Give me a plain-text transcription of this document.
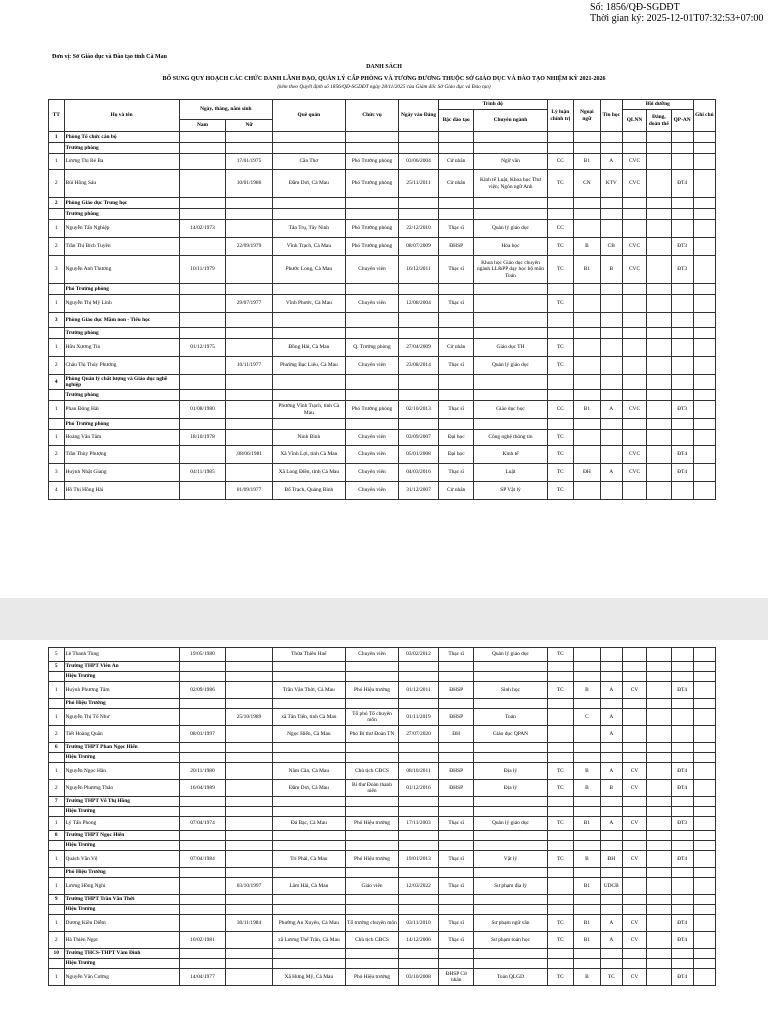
Số: 1856/QĐ-SGDĐT
Thời gian ký: 2025-12-01T07:32:53+07:00
Đơn vị: Sở Giáo dục và Đào tạo tỉnh Cà Mau
DANH SÁCH
BỔ SUNG QUY HOẠCH CÁC CHỨC DANH LÃNH ĐẠO, QUẢN LÝ CẤP PHÒNG VÀ TƯƠNG ĐƯƠNG THUỘC SỞ GIÁO DỤC VÀ ĐÀO TẠO NHIỆM KỲ 2021-2026
(kèm theo Quyết định số 1856/QĐ-SGDĐT ngày 28/11/2025 của Giám đốc Sở Giáo dục và Đào tạo)
TT	Họ và tên	Ngày, tháng, năm sinh		Quê quán	Chức vụ	Ngày vào Đảng	Trình độ		Lý luận chính trị	Ngoại ngữ	Tin học	Bồi dưỡng			Ghi chú
							Bậc đào tạo	Chuyên ngành				QLNN	Đảng, đoàn thể	QP-AN	
		Nam	Nữ												
1	Phòng Tổ chức cán bộ														
	Trưởng phòng														
1	Lương Thị Bé Ba		17/01/1975	Cần Thơ	Phó Trưởng phòng	03/06/2004	Cử nhân	Ngữ văn	CC	B1	A	CVC			
2	Bùi Hồng Sáu		10/01/1986	Đầm Dơi, Cà Mau	Phó Trưởng phòng	25/11/2011	Cử nhân	Kinh tế Luật, Khoa học Thư viện; Ngôn ngữ Anh	TC	CN	KTV	CVC		ĐT4	
2	Phòng Giáo dục Trung học														
	Trưởng phòng														
1	Nguyễn Tấn Nghiệp	14/02/1973		Tân Trụ, Tây Ninh	Phó Trưởng phòng	22/12/2010	Thạc sĩ	Quản lý giáo dục	CC						
2	Trần Thị Bích Tuyền		22/09/1979	Vĩnh Trạch, Cà Mau	Phó Trưởng phòng	08/07/2009	ĐHSP	Hóa học	TC	B	CB	CVC		ĐT3	
3	Nguyễn Anh Thương	10/11/1979		Phước Long, Cà Mau	Chuyên viên	16/12/2011	Thạc sĩ	Khoa học Giáo dục chuyên ngành LL&PP dạy học bộ môn Toán	TC	B1	B	CVC		ĐT3	
	Phó Trưởng phòng														
1	Nguyễn Thị Mỹ Linh		29/07/1977	Vĩnh Phước, Cà Mau	Chuyên viên	12/08/2004	Thạc sĩ		TC						
3	Phòng Giáo dục Mầm non - Tiểu học														
	Trưởng phòng														
1	Hữu Xương Tín	01/12/1975		Đồng Hải, Cà Mau	Q. Trưởng phòng	27/04/2009	Cử nhân	Giáo dục TH	TC						
2	Châu Thị Thúy Phương		10/11/1977	Phường Bạc Liêu, Cà Mau	Chuyên viên	23/08/2014	Thạc sĩ	Quản lý giáo dục	TC						
4	Phòng Quản lý chất lượng và Giáo dục nghề nghiệp														
	Trưởng phòng														
1	Phan Đông Hải	01/08/1980		Phường Vĩnh Trạch, tỉnh Cà Mau	Phó Trưởng phòng	02/10/2013	Thạc sĩ	Giáo dục học	CC	B1	A	CVC		ĐT3	
	Phó Trưởng phòng														
1	Hoàng Văn Tâm	18/10/1978		Ninh Bình	Chuyên viên	03/09/2007	Đại học	Công nghệ thông tin	TC						
2	Trần Thùy Phượng		,08/06/1981	Xã Vĩnh Lợi, tỉnh Cà Mau	Chuyên viên	05/01/2008	Đại học	Kinh tế	TC			CVC		ĐT4	
3	Huỳnh Nhật Giang	04/11/1985		Xã Long Điền, tỉnh Cà Mau	Chuyên viên	04/03/2016	Thạc sĩ	Luật	TC	ĐH	A	CVC		ĐT4	
4	Hồ Thị Hồng Hải		01/09/1977	Bố Trạch, Quảng Bình	Chuyên viên	31/12/2007	Cử nhân	SP Vật lý	TC						
5	Lê Thanh Tùng	19/05/1980		Thừa Thiên Huế	Chuyên viên	03/02/2012	Thạc sĩ	Quản lý giáo dục	TC						
5	Trường THPT Viên An														
	Hiệu Trưởng														
1	Huỳnh Phương Tâm	02/09/1986		Trần Văn Thời, Cà Mau	Phó Hiệu trưởng	01/12/2011	ĐHSP	Sinh học	TC	B	A	CV		ĐT4	
	Phó Hiệu Trưởng														
1	Nguyễn Thị Tố Như		25/10/1989	xã Tân Tiến, tỉnh Cà Mau	Tổ phó Tổ chuyên môn	01/11/2019	ĐHSP	Toán		C	A				
2	Tiết Hoàng Quân	08/01/1997		Ngọc Hiển, Cà Mau	Phó Bí thư Đoàn TN	27/07/2020	ĐH	Giáo dục QPAN			A				
6	Trường THPT Phan Ngọc Hiển														
	Hiệu Trưởng														
1	Nguyễn Ngọc Hân	20/11/1980		Năm Căn, Cà Mau	Chủ tịch CĐCS	08/10/2011	ĐHSP	Địa lý	TC	B	A	CV		ĐT4	
2	Nguyễn Phương Thảo	16/04/1989		Đầm Dơi, Cà Mau	Bí thư Đoàn thanh niên	01/12/2016	ĐHSP	Địa lý	TC	B	B	CV		ĐT4	
7	Trường THPT Võ Thị Hồng														
	Hiệu Trưởng														
1	Lý Tấn Phong	07/04/1974		Đá Bạc, Cà Mau	Phó Hiệu trưởng	17/11/2003	Thạc sĩ	Quản lý giáo dục	TC	B1	A	CV		ĐT3	
8	Trường THPT Ngọc Hiển														
	Hiệu Trưởng														
1	Quách Văn Vệ	07/04/1984		Trí Phải, Cà Mau	Phó Hiệu trưởng	19/01/2013	Thạc sĩ	Vật lý	TC	B	ĐH	CV		ĐT4	
	Phó Hiệu Trưởng														
1	Lương Hồng Nghi		03/10/1997	Lâm Hải, Cà Mau	Giáo viên	12/03/2022	Thạc sĩ	Sư phạm địa lý		B1	UDCB				
9	Trường THPT Trần Văn Thời														
	Hiệu Trưởng														
1	Dương Kiều Diễm		30/11/1984	Phường An Xuyên, Cà Mau	Tổ trưởng chuyên môn	03/11/2010	Thạc sĩ	Sư phạm ngữ văn	TC	B1	A	CV		ĐT4	
2	Hà Thiên Ngọt	10/02/1981		xã Lương Thế Trân, Cà Mau	Chủ tịch CĐCS	14/12/2006	Thạc sĩ	Sư phạm toán học	TC	B1	A	CV		ĐT4	
10	Trường THCS-THPT Vàm Đình														
	Hiệu Trưởng														
1	Nguyễn Văn Cường	14/04/1977		Xã Hưng Mỹ, Cà Mau	Phó Hiệu trưởng	03/10/2008	ĐHSP Cử nhân	Toán QLGD	TC	B	TC	CV		ĐT4	
